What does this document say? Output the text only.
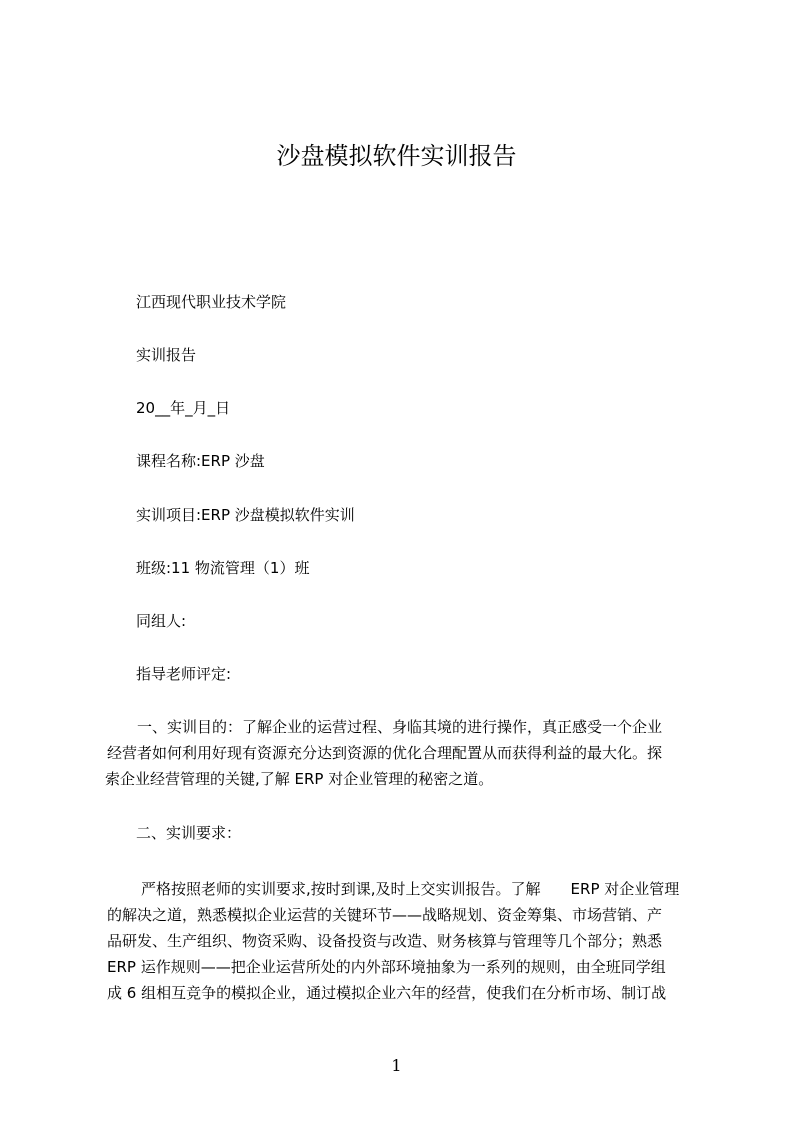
沙盘模拟软件实训报告
江西现代职业技术学院
实训报告
20__年_月_日
课程名称:ERP 沙盘
实训项目:ERP 沙盘模拟软件实训
班级:11 物流管理（1）班
同组人:
指导老师评定:
一、实训目的：了解企业的运营过程、身临其境的进行操作，真正感受一个企业
经营者如何利用好现有资源充分达到资源的优化合理配置从而获得利益的最大化。探
索企业经营管理的关键,了解 ERP 对企业管理的秘密之道。
二、实训要求：
严格按照老师的实训要求,按时到课,及时上交实训报告。了解　　ERP 对企业管理
的解决之道，熟悉模拟企业运营的关键环节——战略规划、资金筹集、市场营销、产
品研发、生产组织、物资采购、设备投资与改造、财务核算与管理等几个部分；熟悉
ERP 运作规则——把企业运营所处的内外部环境抽象为一系列的规则，由全班同学组
成 6 组相互竞争的模拟企业，通过模拟企业六年的经营，使我们在分析市场、制订战
1
